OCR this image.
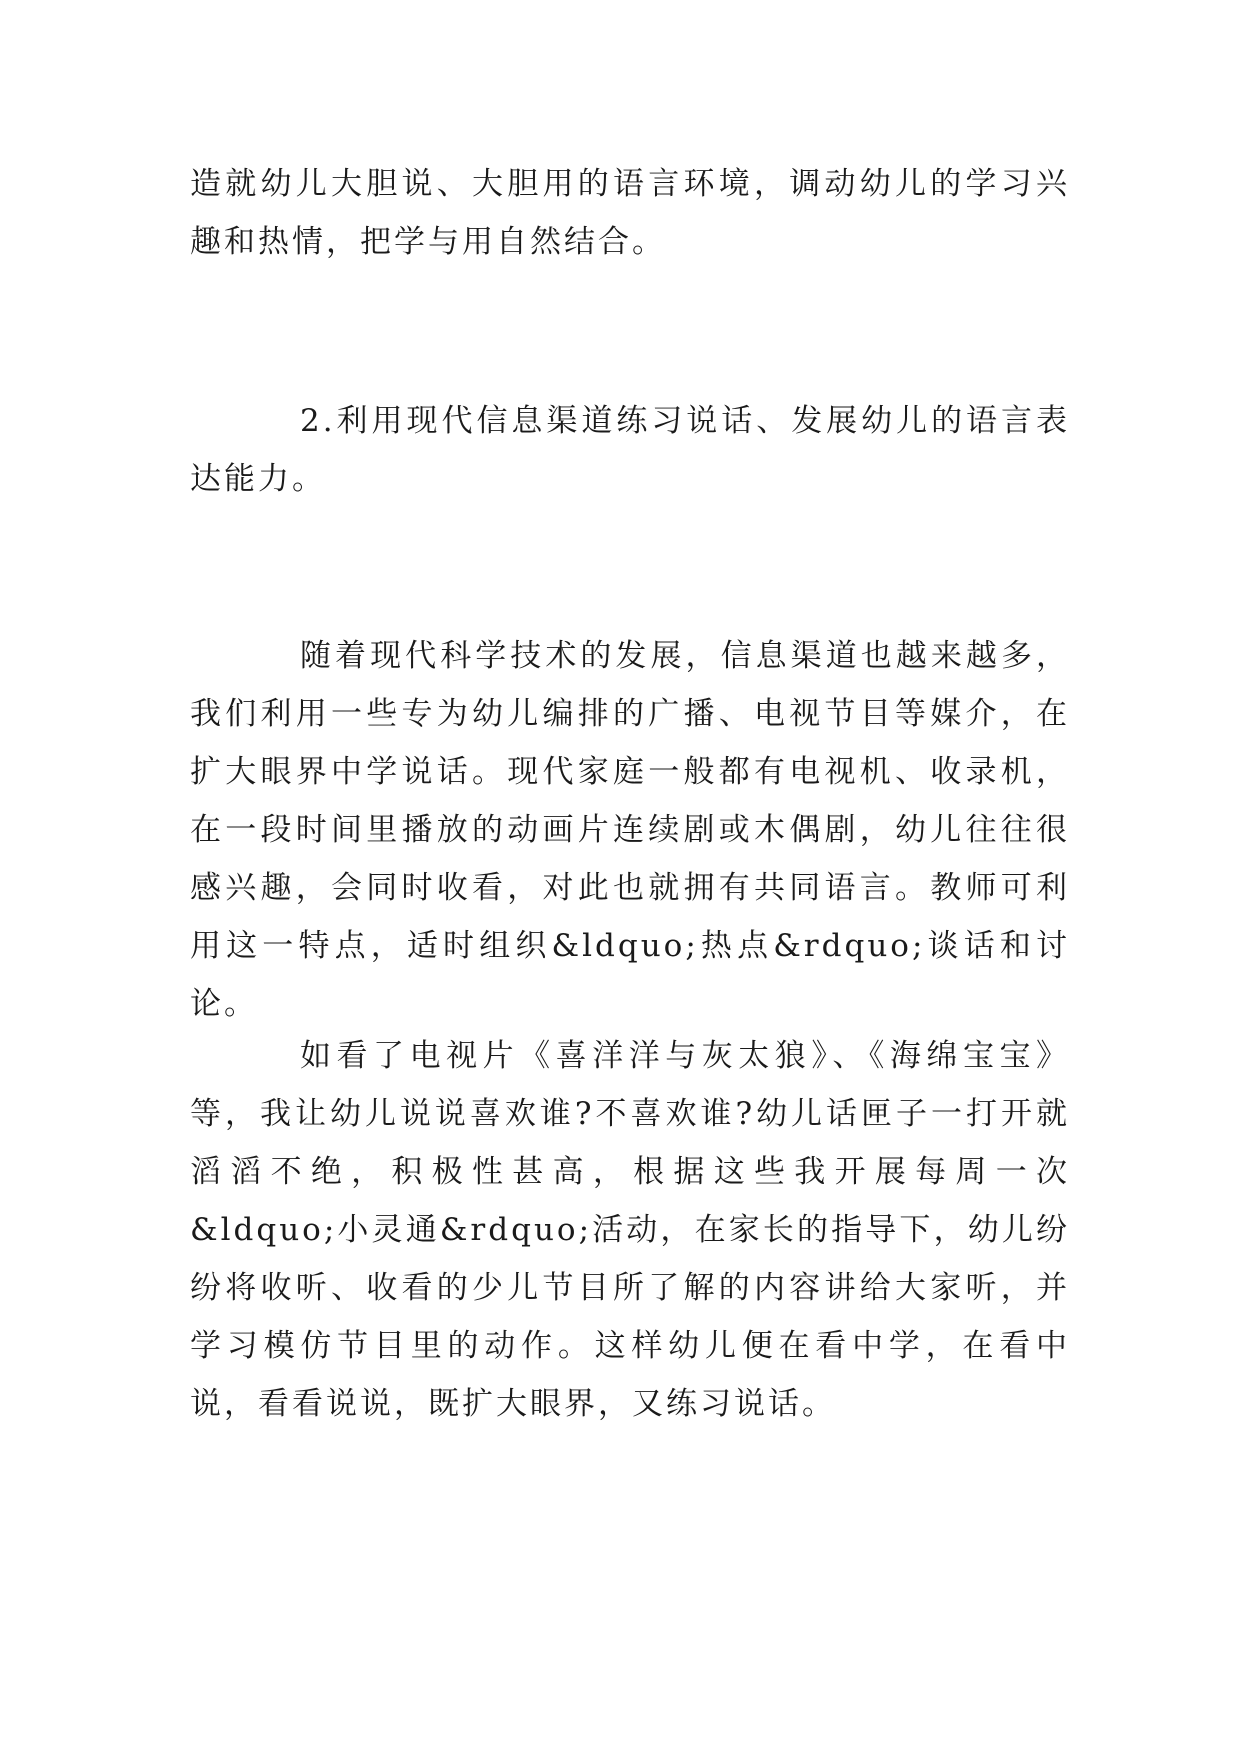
造就幼儿大胆说、大胆用的语言环境，调动幼儿的学习兴趣和热情，把学与用自然结合。

2.利用现代信息渠道练习说话、发展幼儿的语言表达能力。

随着现代科学技术的发展，信息渠道也越来越多，我们利用一些专为幼儿编排的广播、电视节目等媒介，在扩大眼界中学说话。现代家庭一般都有电视机、收录机，在一段时间里播放的动画片连续剧或木偶剧，幼儿往往很感兴趣，会同时收看，对此也就拥有共同语言。教师可利用这一特点，适时组织&ldquo;热点&rdquo;谈话和讨论。

如看了电视片《喜洋洋与灰太狼》、《海绵宝宝》等，我让幼儿说说喜欢谁?不喜欢谁?幼儿话匣子一打开就滔滔不绝，积极性甚高，根据这些我开展每周一次&ldquo;小灵通&rdquo;活动，在家长的指导下，幼儿纷纷将收听、收看的少儿节目所了解的内容讲给大家听，并学习模仿节目里的动作。这样幼儿便在看中学，在看中说，看看说说，既扩大眼界，又练习说话。
